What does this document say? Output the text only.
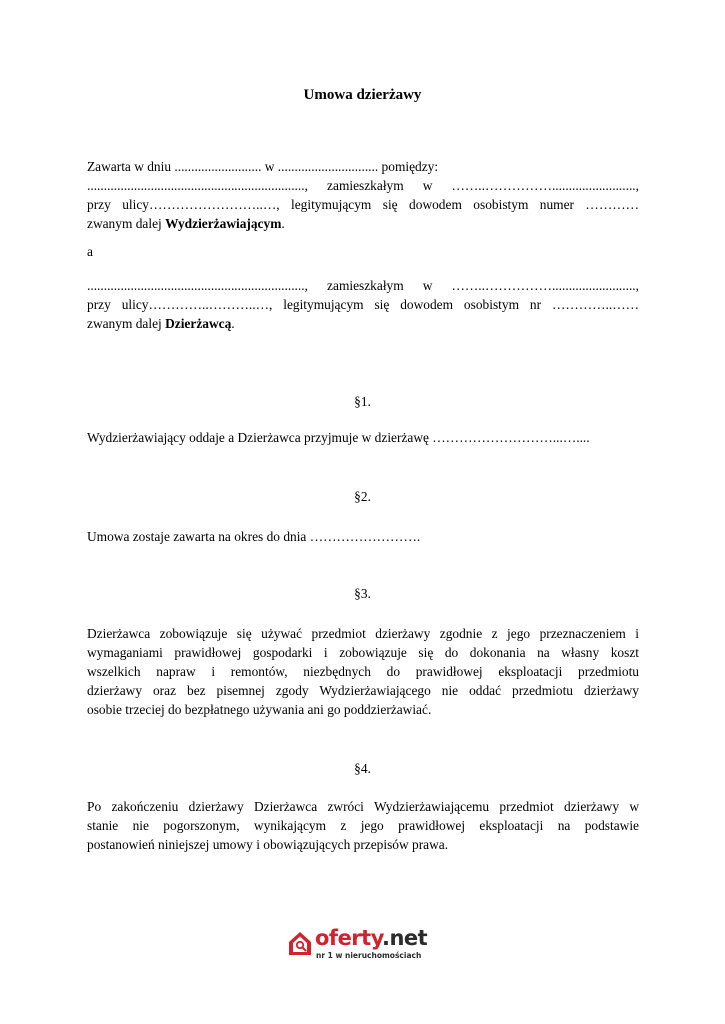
Umowa dzierżawy
Zawarta w dniu .......................... w .............................. pomiędzy:
................................................................., zamieszkałym w ……..…………….........................,
przy ulicy……………………..…, legitymującym się dowodem osobistym numer …………
zwanym dalej Wydzierżawiającym.
a
................................................................., zamieszkałym w ……..…………….........................,
przy ulicy…………..………..…, legitymującym się dowodem osobistym nr …………..……
zwanym dalej Dzierżawcą.
§1.
Wydzierżawiający oddaje a Dzierżawca przyjmuje w dzierżawę ………………………...…....
§2.
Umowa zostaje zawarta na okres do dnia …………………….
§3.
Dzierżawca zobowiązuje się używać przedmiot dzierżawy zgodnie z jego przeznaczeniem i
wymaganiami prawidłowej gospodarki i zobowiązuje się do dokonania na własny koszt
wszelkich napraw i remontów, niezbędnych do prawidłowej eksploatacji przedmiotu
dzierżawy oraz bez pisemnej zgody Wydzierżawiającego nie oddać przedmiotu dzierżawy
osobie trzeciej do bezpłatnego używania ani go poddzierżawiać.
§4.
Po zakończeniu dzierżawy Dzierżawca zwróci Wydzierżawiającemu przedmiot dzierżawy w
stanie nie pogorszonym, wynikającym z jego prawidłowej eksploatacji na podstawie
postanowień niniejszej umowy i obowiązujących przepisów prawa.
oferty.net
nr 1 w nieruchomościach
